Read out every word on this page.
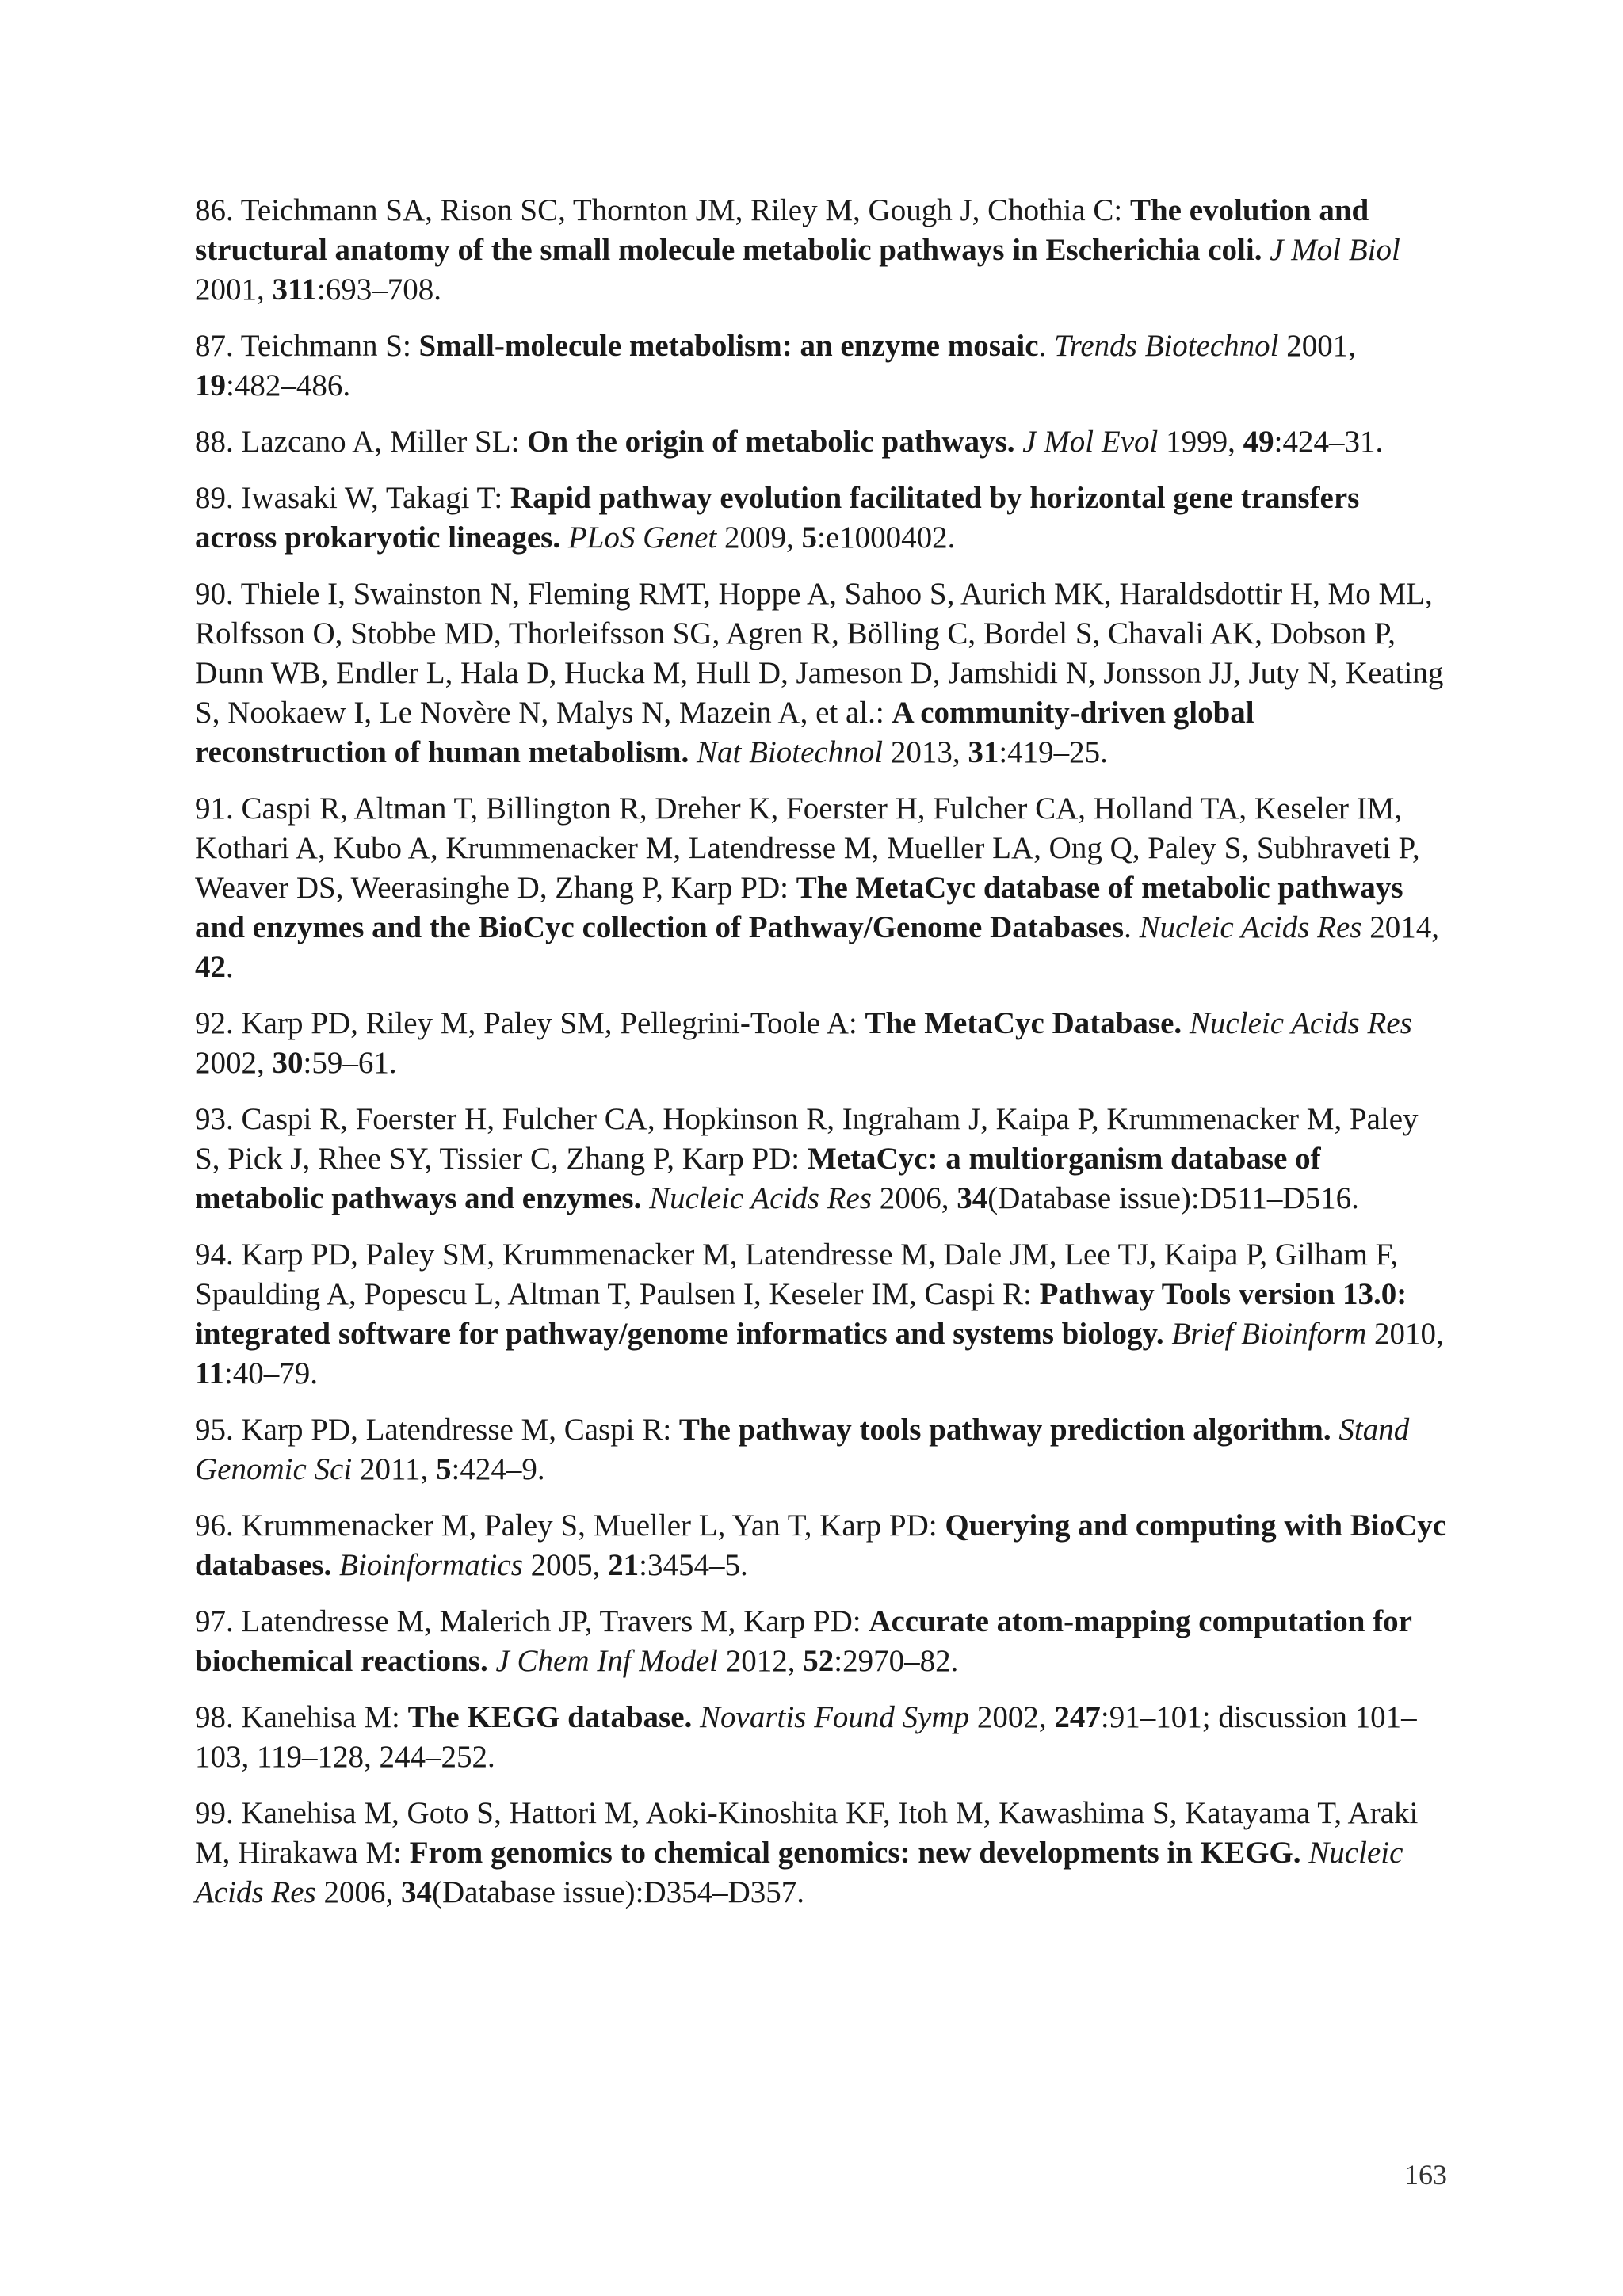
86. Teichmann SA, Rison SC, Thornton JM, Riley M, Gough J, Chothia C: The evolution and structural anatomy of the small molecule metabolic pathways in Escherichia coli. J Mol Biol 2001, 311:693–708.
87. Teichmann S: Small-molecule metabolism: an enzyme mosaic. Trends Biotechnol 2001, 19:482–486.
88. Lazcano A, Miller SL: On the origin of metabolic pathways. J Mol Evol 1999, 49:424–31.
89. Iwasaki W, Takagi T: Rapid pathway evolution facilitated by horizontal gene transfers across prokaryotic lineages. PLoS Genet 2009, 5:e1000402.
90. Thiele I, Swainston N, Fleming RMT, Hoppe A, Sahoo S, Aurich MK, Haraldsdottir H, Mo ML, Rolfsson O, Stobbe MD, Thorleifsson SG, Agren R, Bölling C, Bordel S, Chavali AK, Dobson P, Dunn WB, Endler L, Hala D, Hucka M, Hull D, Jameson D, Jamshidi N, Jonsson JJ, Juty N, Keating S, Nookaew I, Le Novère N, Malys N, Mazein A, et al.: A community-driven global reconstruction of human metabolism. Nat Biotechnol 2013, 31:419–25.
91. Caspi R, Altman T, Billington R, Dreher K, Foerster H, Fulcher CA, Holland TA, Keseler IM, Kothari A, Kubo A, Krummenacker M, Latendresse M, Mueller LA, Ong Q, Paley S, Subhraveti P, Weaver DS, Weerasinghe D, Zhang P, Karp PD: The MetaCyc database of metabolic pathways and enzymes and the BioCyc collection of Pathway/Genome Databases. Nucleic Acids Res 2014, 42.
92. Karp PD, Riley M, Paley SM, Pellegrini-Toole A: The MetaCyc Database. Nucleic Acids Res 2002, 30:59–61.
93. Caspi R, Foerster H, Fulcher CA, Hopkinson R, Ingraham J, Kaipa P, Krummenacker M, Paley S, Pick J, Rhee SY, Tissier C, Zhang P, Karp PD: MetaCyc: a multiorganism database of metabolic pathways and enzymes. Nucleic Acids Res 2006, 34(Database issue):D511–D516.
94. Karp PD, Paley SM, Krummenacker M, Latendresse M, Dale JM, Lee TJ, Kaipa P, Gilham F, Spaulding A, Popescu L, Altman T, Paulsen I, Keseler IM, Caspi R: Pathway Tools version 13.0: integrated software for pathway/genome informatics and systems biology. Brief Bioinform 2010, 11:40–79.
95. Karp PD, Latendresse M, Caspi R: The pathway tools pathway prediction algorithm. Stand Genomic Sci 2011, 5:424–9.
96. Krummenacker M, Paley S, Mueller L, Yan T, Karp PD: Querying and computing with BioCyc databases. Bioinformatics 2005, 21:3454–5.
97. Latendresse M, Malerich JP, Travers M, Karp PD: Accurate atom-mapping computation for biochemical reactions. J Chem Inf Model 2012, 52:2970–82.
98. Kanehisa M: The KEGG database. Novartis Found Symp 2002, 247:91–101; discussion 101–103, 119–128, 244–252.
99. Kanehisa M, Goto S, Hattori M, Aoki-Kinoshita KF, Itoh M, Kawashima S, Katayama T, Araki M, Hirakawa M: From genomics to chemical genomics: new developments in KEGG. Nucleic Acids Res 2006, 34(Database issue):D354–D357.
163
